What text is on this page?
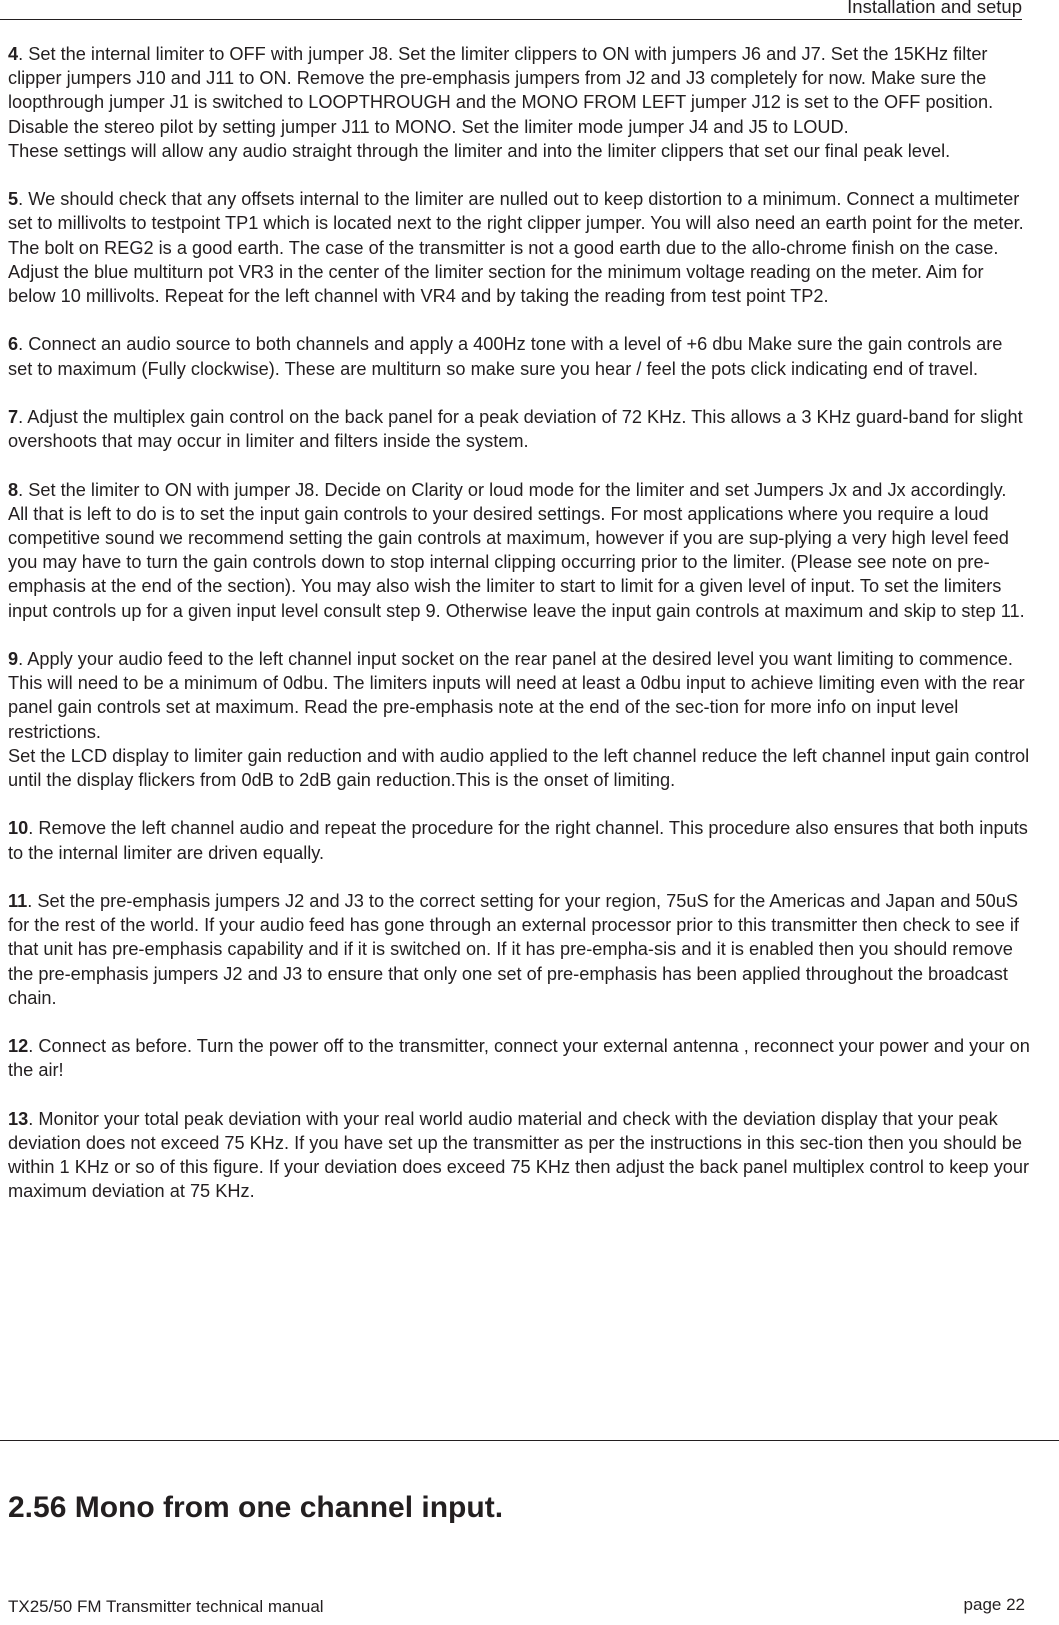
Installation and setup

4. Set the internal limiter to OFF with jumper J8. Set the limiter clippers to ON with jumpers J6 and J7. Set the 15KHz filter clipper jumpers J10 and J11 to ON. Remove the pre-emphasis jumpers from J2 and J3 completely for now. Make sure the loopthrough jumper J1 is switched to LOOPTHROUGH and the MONO FROM LEFT jumper J12 is set to the OFF position. Disable the stereo pilot by setting jumper J11 to MONO. Set the limiter mode jumper J4 and J5 to LOUD.

These settings will allow any audio straight through the limiter and into the limiter clippers that set our final peak level.

5. We should check that any offsets internal to the limiter are nulled out to keep distortion to a minimum. Connect a multimeter set to millivolts to testpoint TP1 which is located next to the right clipper jumper. You will also need an earth point for the meter. The bolt on REG2 is a good earth. The case of the transmitter is not a good earth due to the allo-chrome finish on the case. Adjust the blue multiturn pot VR3 in the center of the limiter section for the minimum voltage reading on the meter. Aim for below 10 millivolts. Repeat for the left channel with VR4 and by taking the reading from test point TP2.

6. Connect an audio source to both channels and apply a 400Hz tone with a level of +6 dbu Make sure the gain controls are set to maximum (Fully clockwise). These are multiturn so make sure you hear / feel the pots click indicating end of travel.

7. Adjust the multiplex gain control on the back panel for a peak deviation of 72 KHz. This allows a 3 KHz guard-band for slight overshoots that may occur in limiter and filters inside the system.

8. Set the limiter to ON with jumper J8. Decide on Clarity or loud mode for the limiter and set Jumpers Jx and Jx accordingly.

All that is left to do is to set the input gain controls to your desired settings. For most applications where you require a loud competitive sound we recommend setting the gain controls at maximum, however if you are sup-plying a very high level feed you may have to turn the gain controls down to stop internal clipping occurring prior to the limiter. (Please see note on pre-emphasis at the end of the section). You may also wish the limiter to start to limit for a given level of input. To set the limiters input controls up for a given input level consult step 9. Otherwise leave the input gain controls at maximum and skip to step 11.

9. Apply your audio feed to the left channel input socket on the rear panel at the desired level you want limiting to commence. This will need to be a minimum of 0dbu. The limiters inputs will need at least a 0dbu input to achieve limiting even with the rear panel gain controls set at maximum. Read the pre-emphasis note at the end of the sec-tion for more info on input level restrictions.

Set the LCD display to limiter gain reduction and with audio applied to the left channel reduce the left channel input gain control until the display flickers from 0dB to 2dB gain reduction.This is the onset of limiting.

10. Remove the left channel audio and repeat the procedure for the right channel. This procedure also ensures that both inputs to the internal limiter are driven equally.

11. Set the pre-emphasis jumpers J2 and J3 to the correct setting for your region, 75uS for the Americas and Japan and 50uS for the rest of the world. If your audio feed has gone through an external processor prior to this transmitter then check to see if that unit has pre-emphasis capability and if it is switched on. If it has pre-empha-sis and it is enabled then you should remove the pre-emphasis jumpers J2 and J3 to ensure that only one set of pre-emphasis has been applied throughout the broadcast chain.

12. Connect as before. Turn the power off to the transmitter, connect your external antenna , reconnect your power and your on the air!

13. Monitor your total peak deviation with your real world audio material and check with the deviation display that your peak deviation does not exceed 75 KHz. If you have set up the transmitter as per the instructions in this sec-tion then you should be within 1 KHz or so of this figure. If your deviation does exceed 75 KHz then adjust the back panel multiplex control to keep your maximum deviation at 75 KHz.

2.56 Mono from one channel input.
TX25/50 FM Transmitter technical manual	page 22
